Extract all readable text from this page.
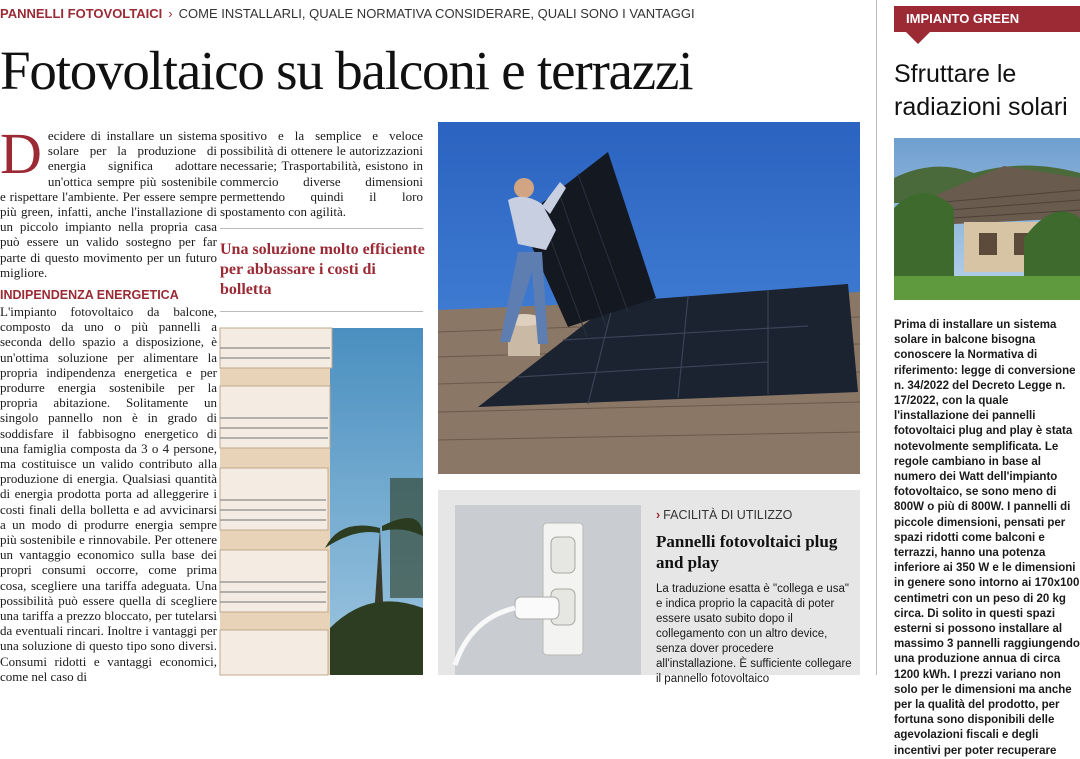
PANNELLI FOTOVOLTAICI › COME INSTALLARLI, QUALE NORMATIVA CONSIDERARE, QUALI SONO I VANTAGGI
Fotovoltaico su balconi e terrazzi
Decidere di installare un sistema solare per la produzione di energia significa adottare un'ottica sempre più sostenibile e rispettare l'ambiente. Per essere sempre più green, infatti, anche l'installazione di un piccolo impianto nella propria casa può essere un valido sostegno per far parte di questo movimento per un futuro migliore.
INDIPENDENZA ENERGETICA
L'impianto fotovoltaico da balcone, composto da uno o più pannelli a seconda dello spazio a disposizione, è un'ottima soluzione per alimentare la propria indipendenza energetica e per produrre energia sostenibile per la propria abitazione. Solitamente un singolo pannello non è in grado di soddisfare il fabbisogno energetico di una famiglia composta da 3 o 4 persone, ma costituisce un valido contributo alla produzione di energia. Qualsiasi quantità di energia prodotta porta ad alleggerire i costi finali della bolletta e ad avvicinarsi a un modo di produrre energia sempre più sostenibile e rinnovabile. Per ottenere un vantaggio economico sulla base dei propri consumi occorre, come prima cosa, scegliere una tariffa adeguata. Una possibilità può essere quella di scegliere una tariffa a prezzo bloccato, per tutelarsi da eventuali rincari. Inoltre i vantaggi per una soluzione di questo tipo sono diversi. Consumi ridotti e vantaggi economici, come nel caso di
spositivo e la semplice e veloce possibilità di ottenere le autorizzazioni necessarie; Trasportabilità, esistono in commercio diverse dimensioni permettendo quindi il loro spostamento con agilità.
Una soluzione molto efficiente per abbassare i costi di bolletta
› FACILITÀ DI UTILIZZO
Pannelli fotovoltaici plug and play
La traduzione esatta è "collega e usa" e indica proprio la capacità di poter essere usato subito dopo il collegamento con un altro device, senza dover procedere all'installazione. È sufficiente collegare il pannello fotovoltaico
IMPIANTO GREEN
Sfruttare le radiazioni solari
Prima di installare un sistema solare in balcone bisogna conoscere la Normativa di riferimento: legge di conversione n. 34/2022 del Decreto Legge n. 17/2022, con la quale l'installazione dei pannelli fotovoltaici plug and play è stata notevolmente semplificata. Le regole cambiano in base al numero dei Watt dell'impianto fotovoltaico, se sono meno di 800W o più di 800W. I pannelli di piccole dimensioni, pensati per spazi ridotti come balconi e terrazzi, hanno una potenza inferiore ai 350 W e le dimensioni in genere sono intorno ai 170x100 centimetri con un peso di 20 kg circa. Di solito in questi spazi esterni si possono installare al massimo 3 pannelli raggiungendo una produzione annua di circa 1200 kWh. I prezzi variano non solo per le dimensioni ma anche per la qualità del prodotto, per fortuna sono disponibili delle agevolazioni fiscali e degli incentivi per poter recuperare
